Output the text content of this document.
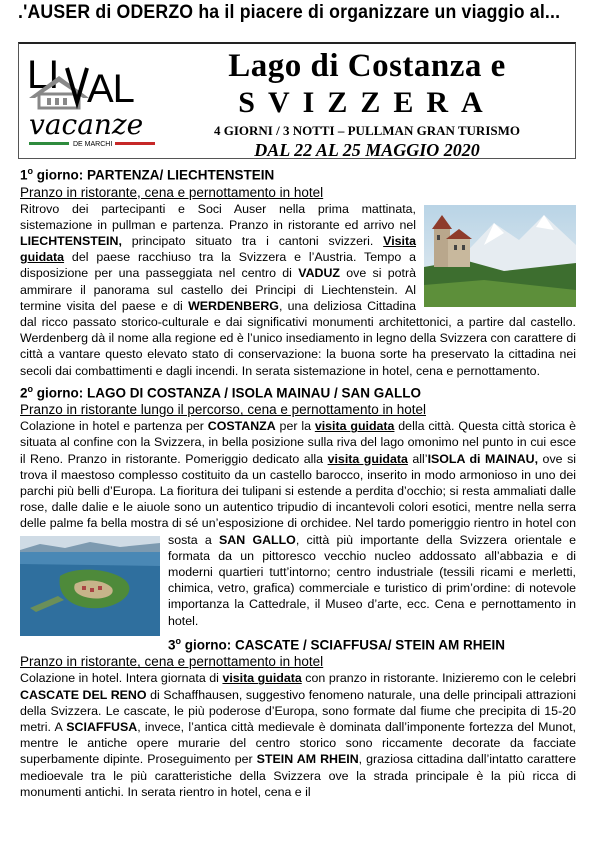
.'AUSER di ODERZO ha il piacere di organizzare un viaggio al...
LI AL
vacanze
DE MARCHI
Lago di Costanza e
SVIZZERA
4 GIORNI / 3 NOTTI – PULLMAN GRAN TURISMO
DAL 22 AL 25 MAGGIO 2020
1$^o$ giorno: PARTENZA/ LIECHTENSTEIN
Pranzo in ristorante, cena e pernottamento in hotel
Ritrovo dei partecipanti e Soci Auser nella prima mattinata, sistemazione in pullman e partenza. Pranzo in ristorante ed arrivo nel LIECHTENSTEIN, principato situato tra i cantoni svizzeri. Visita guidata del paese racchiuso tra la Svizzera e l’Austria. Tempo a disposizione per una passeggiata nel centro di VADUZ ove si potrà ammirare il panorama sul castello dei Principi di Liechtenstein. Al termine visita del paese e di WERDENBERG, una deliziosa Cittadina dal ricco passato storico-culturale e dai significativi monumenti architettonici, a partire dal castello. Werdenberg dà il nome alla regione ed è l’unico insediamento in legno della Svizzera con carattere di città a vantare questo elevato stato di conservazione: la buona sorte ha preservato la cittadina nei secoli dai combattimenti e dagli incendi. In serata sistemazione in hotel, cena e pernottamento.
2$^o$ giorno: LAGO DI COSTANZA / ISOLA MAINAU / SAN GALLO
Pranzo in ristorante lungo il percorso, cena e pernottamento in hotel
Colazione in hotel e partenza per COSTANZA per la visita guidata della città. Questa città storica è situata al confine con la Svizzera, in bella posizione sulla riva del lago omonimo nel punto in cui esce il Reno. Pranzo in ristorante. Pomeriggio dedicato alla visita guidata all’ISOLA di MAINAU, ove si trova il maestoso complesso costituito da un castello barocco, inserito in modo armonioso in uno dei parchi più belli d’Europa. La fioritura dei tulipani si estende a perdita d’occhio; si resta ammaliati dalle rose, dalle dalie e le aiuole sono un autentico tripudio di incantevoli colori esotici, mentre nella serra delle palme fa bella mostra di sé un’esposizione di orchidee. Nel tardo pomeriggio rientro in hotel con sosta a
SAN GALLO, città più importante della Svizzera orientale e formata da un pittoresco vecchio nucleo addossato all’abbazia e di moderni quartieri tutt’intorno; centro industriale (tessili ricami e merletti, chimica, vetro, grafica) commerciale e turistico di prim’ordine: di notevole importanza la Cattedrale, il Museo d’arte, ecc. Cena e pernottamento in hotel.
3$^o$ giorno: CASCATE / SCIAFFUSA/ STEIN AM RHEIN
Pranzo in ristorante, cena e pernottamento in hotel
Colazione in hotel. Intera giornata di visita guidata con pranzo in ristorante. Inizieremo con le celebri CASCATE DEL RENO di Schaffhausen, suggestivo fenomeno naturale, una delle principali attrazioni della Svizzera. Le cascate, le più poderose d’Europa, sono formate dal fiume che precipita di 15-20 metri. A SCIAFFUSA, invece, l’antica città medievale è dominata dall’imponente fortezza del Munot, mentre le antiche opere murarie del centro storico sono riccamente decorate da facciate superbamente dipinte. Proseguimento per STEIN AM RHEIN, graziosa cittadina dall’intatto carattere medioevale tra le più caratteristiche della Svizzera ove la strada principale è la più ricca di monumenti antichi. In serata rientro in hotel, cena e il
